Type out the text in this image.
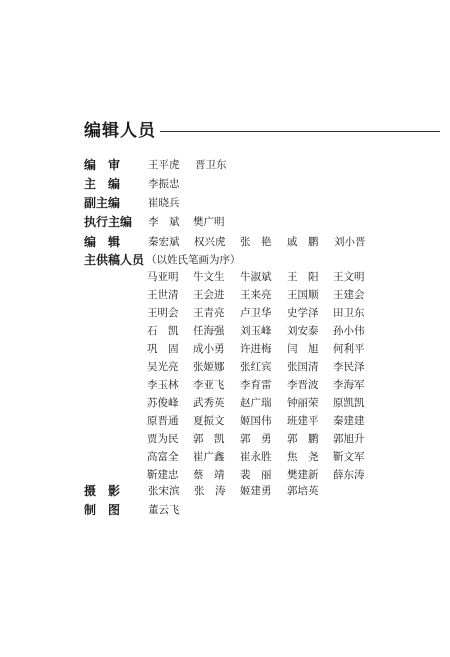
编辑人员
编　审	王平虎 晋卫东
主　编	李振忠
副主编	崔晓兵
执行主编 李　斌 樊广明
编　辑	秦宏斌 权兴虎 张　艳 戚　鹏 刘小晋
主供稿人员 （以姓氏笔画为序）
马亚明 牛文生 牛淑斌 王　阳 王文明
王世清 王会进 王来亮 王国顺 王建会
王明会 王青亮 卢卫华 史学泽 田卫东
石　凯 任海强 刘玉峰 刘安泰 孙小伟
巩　固 成小勇 许进梅 闫　旭 何利平
吴光亮 张姬娜 张红宾 张国清 李民泽
李玉林 李亚飞 李育雷 李晋波 李海军
苏俊峰 武秀英 赵广瑞 钟丽荣 原凯凯
原晋通 夏振文 姬国伟 班建平 秦建建
贾为民 郭　凯 郭　勇 郭　鹏 郭旭升
高富全 崔广鑫 崔永胜 焦　尧 靳文军
靳建忠 蔡　靖 裴　丽 樊建新 薛东涛
摄　影	张宋滨 张　涛 姬建勇 郭培英
制　图	董云飞
